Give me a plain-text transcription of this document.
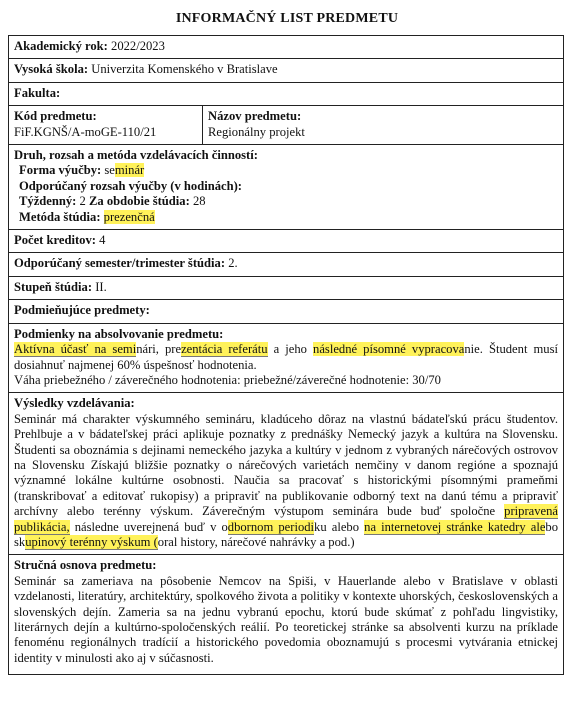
INFORMAČNÝ LIST PREDMETU
Akademický rok: 2022/2023
Vysoká škola: Univerzita Komenského v Bratislave
Fakulta:
Kód predmetu:
FiF.KGNŠ/A-moGE-110/21
Názov predmetu:
Regionálny projekt
Druh, rozsah a metóda vzdelávacích činností:
Forma výučby: seminár
Odporúčaný rozsah výučby (v hodinách):
Týždenný: 2 Za obdobie štúdia: 28
Metóda štúdia: prezenčná
Počet kreditov: 4
Odporúčaný semester/trimester štúdia: 2.
Stupeň štúdia: II.
Podmieňujúce predmety:
Podmienky na absolvovanie predmetu:
Aktívna účasť na seminári, prezentácia referátu a jeho následné písomné vypracovanie. Študent musí dosiahnuť najmenej 60% úspešnosť hodnotenia.
Váha priebežného / záverečného hodnotenia: priebežné/záverečné hodnotenie: 30/70
Výsledky vzdelávania:
Seminár má charakter výskumného semináru, kladúceho dôraz na vlastnú bádateľskú prácu študentov. Prehlbuje a v bádateľskej práci aplikuje poznatky z prednášky Nemecký jazyk a kultúra na Slovensku. Študenti sa oboznámia s dejinami nemeckého jazyka a kultúry v jednom z vybraných nárečových ostrovov na Slovensku Získajú bližšie poznatky o nárečových varietách nemčiny v danom regióne a spoznajú významné lokálne kultúrne osobnosti. Naučia sa pracovať s historickými písomnými prameňmi (transkribovať a editovať rukopisy) a pripraviť na publikovanie odborný text na danú tému a pripraviť archívny alebo terénny výskum. Záverečným výstupom seminára bude buď spoločne pripravená publikácia, následne uverejnená buď v odbornom periodiku alebo na internetovej stránke katedry alebo skupinový terénny výskum (oral history, nárečové nahrávky a pod.)
Stručná osnova predmetu:
Seminár sa zameriava na pôsobenie Nemcov na Spiši, v Hauerlande alebo v Bratislave v oblasti vzdelanosti, literatúry, architektúry, spolkového života a politiky v kontexte uhorských, československých a slovenských dejín. Zameria sa na jednu vybranú epochu, ktorú bude skúmať z pohľadu lingvistiky, literárnych dejín a kultúrno-spoločenských reálií. Po teoretickej stránke sa absolventi kurzu na príklade fenoménu regionálnych tradícií a historického povedomia oboznamujú s procesmi vytvárania etnickej identity v minulosti ako aj v súčasnosti.
